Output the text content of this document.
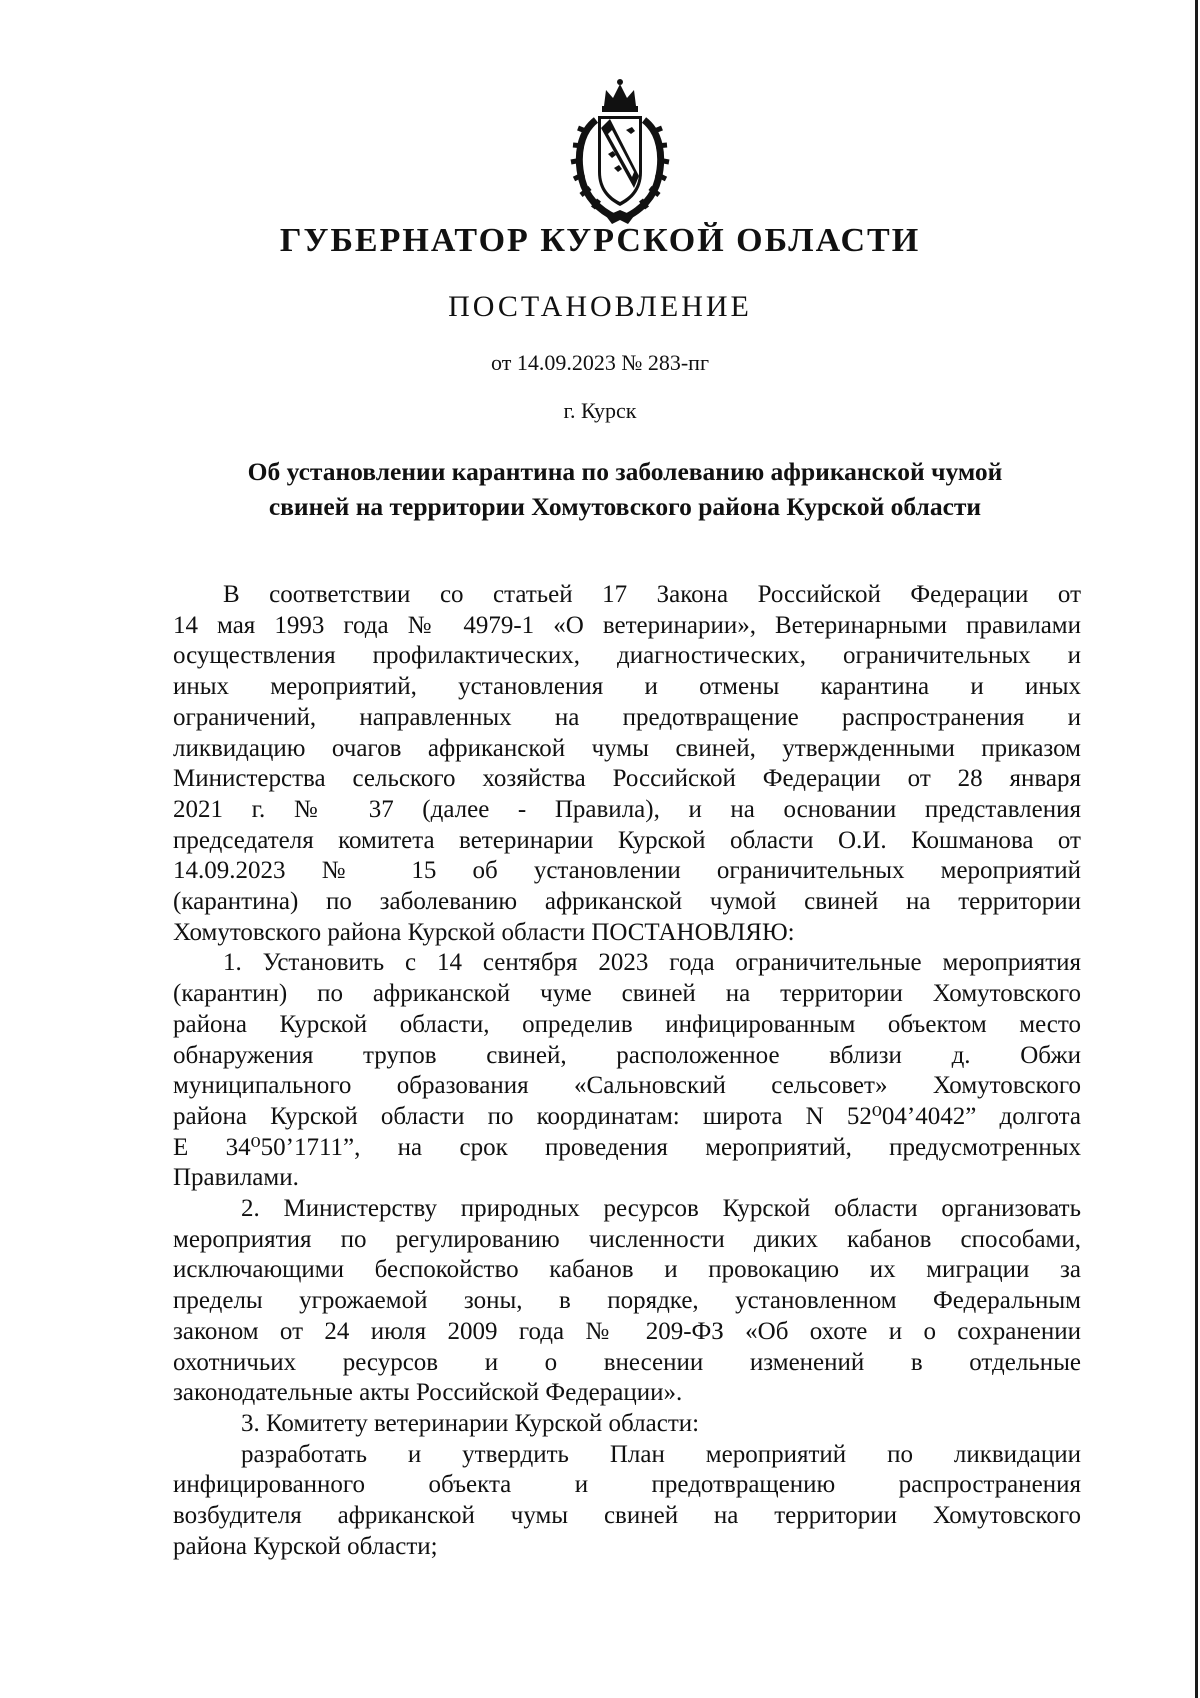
ГУБЕРНАТОР КУРСКОЙ ОБЛАСТИ
ПОСТАНОВЛЕНИЕ
от 14.09.2023 № 283-пг
г. Курск
Об установлении карантина по заболеванию африканской чумой
свиней на территории Хомутовского района Курской области
В соответствии со статьей 17 Закона Российской Федерации от
14 мая 1993 года № 4979-1 «О ветеринарии», Ветеринарными правилами
осуществления профилактических, диагностических, ограничительных и
иных мероприятий, установления и отмены карантина и иных
ограничений, направленных на предотвращение распространения и
ликвидацию очагов африканской чумы свиней, утвержденными приказом
Министерства сельского хозяйства Российской Федерации от 28 января
2021 г. № 37 (далее - Правила), и на основании представления
председателя комитета ветеринарии Курской области О.И. Кошманова от
14.09.2023 № 15 об установлении ограничительных мероприятий
(карантина) по заболеванию африканской чумой свиней на территории
Хомутовского района Курской области ПОСТАНОВЛЯЮ:
1. Установить с 14 сентября 2023 года ограничительные мероприятия
(карантин) по африканской чуме свиней на территории Хомутовского
района Курской области, определив инфицированным объектом место
обнаружения трупов свиней, расположенное вблизи д. Обжи
муниципального образования «Сальновский сельсовет» Хомутовского
района Курской области по координатам: широта N 52⁰04’4042” долгота
E 34⁰50’1711”, на срок проведения мероприятий, предусмотренных
Правилами.
2. Министерству природных ресурсов Курской области организовать
мероприятия по регулированию численности диких кабанов способами,
исключающими беспокойство кабанов и провокацию их миграции за
пределы угрожаемой зоны, в порядке, установленном Федеральным
законом от 24 июля 2009 года № 209-ФЗ «Об охоте и о сохранении
охотничьих ресурсов и о внесении изменений в отдельные
законодательные акты Российской Федерации».
3. Комитету ветеринарии Курской области:
разработать и утвердить План мероприятий по ликвидации
инфицированного объекта и предотвращению распространения
возбудителя африканской чумы свиней на территории Хомутовского
района Курской области;
